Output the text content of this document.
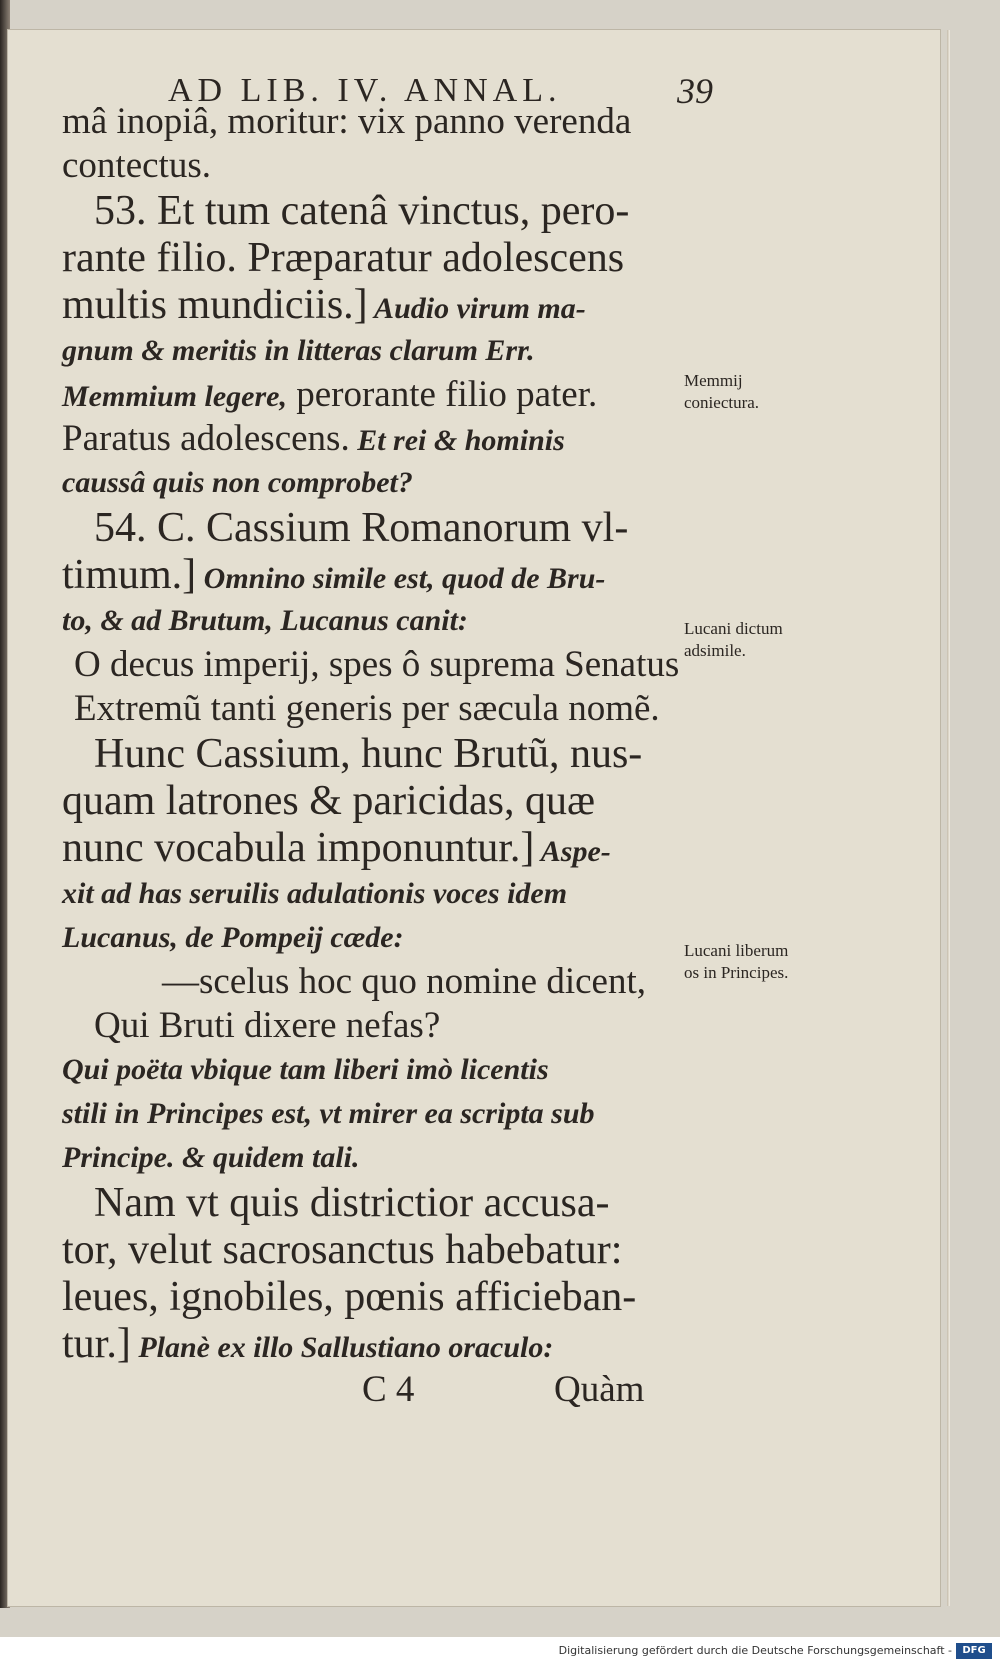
AD LIB. IV. ANNAL.	39
mâ inopiâ, moritur: vix panno verenda
contectus.
53. Et tum catenâ vinctus, pero-
rante filio. Præparatur adolescens
multis mundiciis.] Audio virum ma-
gnum & meritis in litteras clarum Err.
Memmium legere, perorante filio pater.
Paratus adolescens. Et rei & hominis
caussâ quis non comprobet?
54. C. Cassium Romanorum vl-
timum.] Omnino simile est, quod de Bru-
to, & ad Brutum, Lucanus canit:
O decus imperij, spes ô suprema Senatus
Extremũ tanti generis per sæcula nomẽ.
Hunc Cassium, hunc Brutũ, nus-
quam latrones & paricidas, quæ
nunc vocabula imponuntur.] Aspe-
xit ad has seruilis adulationis voces idem
Lucanus, de Pompeij cæde:
—scelus hoc quo nomine dicent,
Qui Bruti dixere nefas?
Qui poëta vbique tam liberi imò licentis
stili in Principes est, vt mirer ea scripta sub
Principe. & quidem tali.
Nam vt quis districtior accusa-
tor, velut sacrosanctus habebatur:
leues, ignobiles, pœnis afficieban-
tur.] Planè ex illo Sallustiano oraculo:
C 4	Quàm
Memmij coniectura.
Lucani dictum adsimile.
Lucani liberum os in Principes.
Digitalisierung gefördert durch die Deutsche Forschungsgemeinschaft -	DFG
